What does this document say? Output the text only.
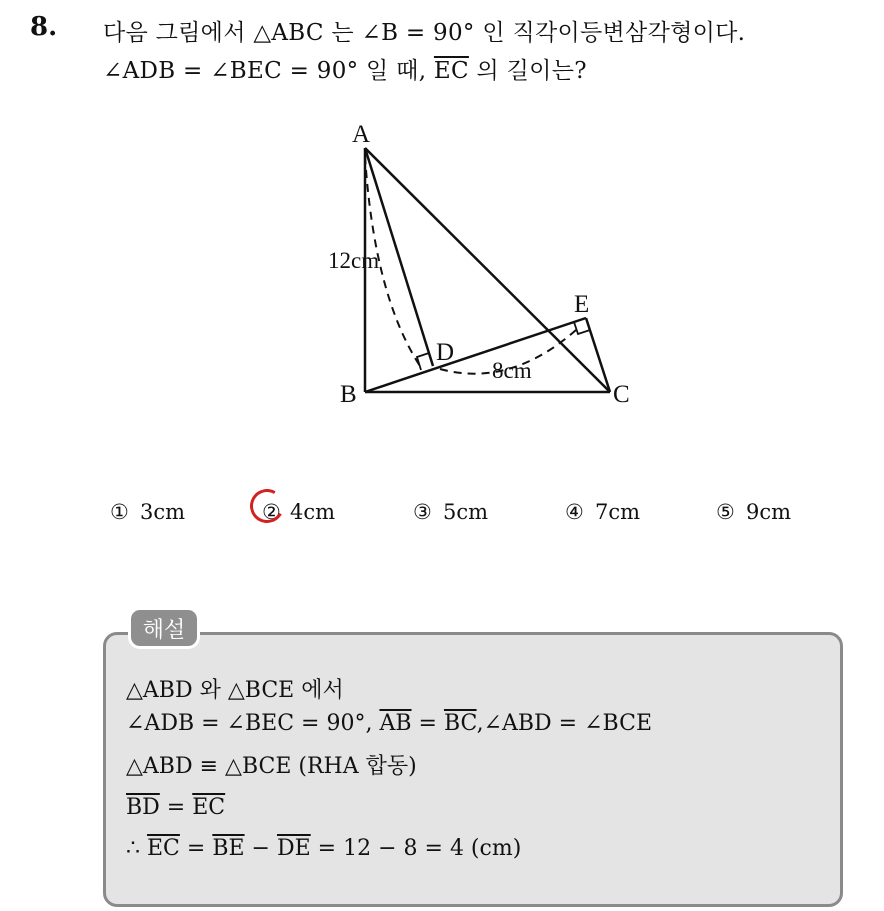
8. 다음 그림에서 △ABC 는 ∠B = 90° 인 직각이등변삼각형이다.
∠ADB = ∠BEC = 90° 일 때, $\overline{EC}$ 의 길이는?
A
B	C
D
E
12cm
8cm
① 3cm	② 4cm	③ 5cm	④ 7cm	⑤ 9cm
해설
△ABD 와 △BCE 에서
∠ADB = ∠BEC = 90°, $\overline{AB}$ = $\overline{BC},\angle ABD$ = ∠BCE
△ABD ≡ △BCE (RHA 합동)
$\overline{BD} = \overline{EC}$
∴ $\overline{EC} = \overline{BE} - \overline{DE} = 12 - 8 = 4$ (cm)
